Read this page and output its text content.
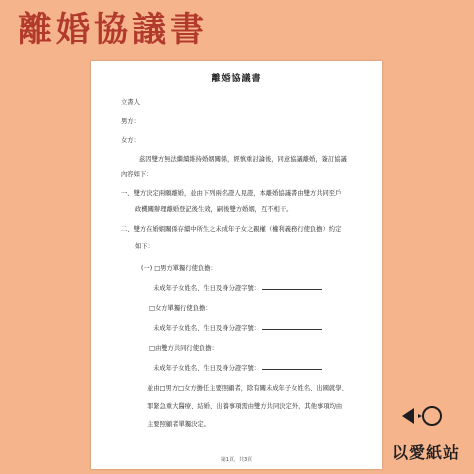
離婚協議書
離婚協議書
立書人
男方：
女方：
茲因雙方無法繼續維持婚姻關係，經慎重討論後，同意協議離婚，簽訂協議
內容如下：
一、雙方決定兩願離婚，並由下列兩名證人見證，本離婚協議書由雙方共同至戶
政機關辦理離婚登記後生效，嗣後雙方婚姻，互不相干。
二、雙方在婚姻關係存續中所生之未成年子女之親權（權利義務行使負擔）約定
如下：
(一) □男方單獨行使負擔：
未成年子女姓名、生日及身分證字號：
□女方單獨行使負擔：
未成年子女姓名、生日及身分證字號：
□由雙方共同行使負擔：
未成年子女姓名、生日及身分證字號：
並由□男方□女方擔任主要照顧者，除有關未成年子女姓名、出國就學、
罪緊急重大醫療、結婚、出養事項需由雙方共同決定外，其他事項均由
主要照顧者單獨決定。
第1頁，共3頁	以愛紙站
